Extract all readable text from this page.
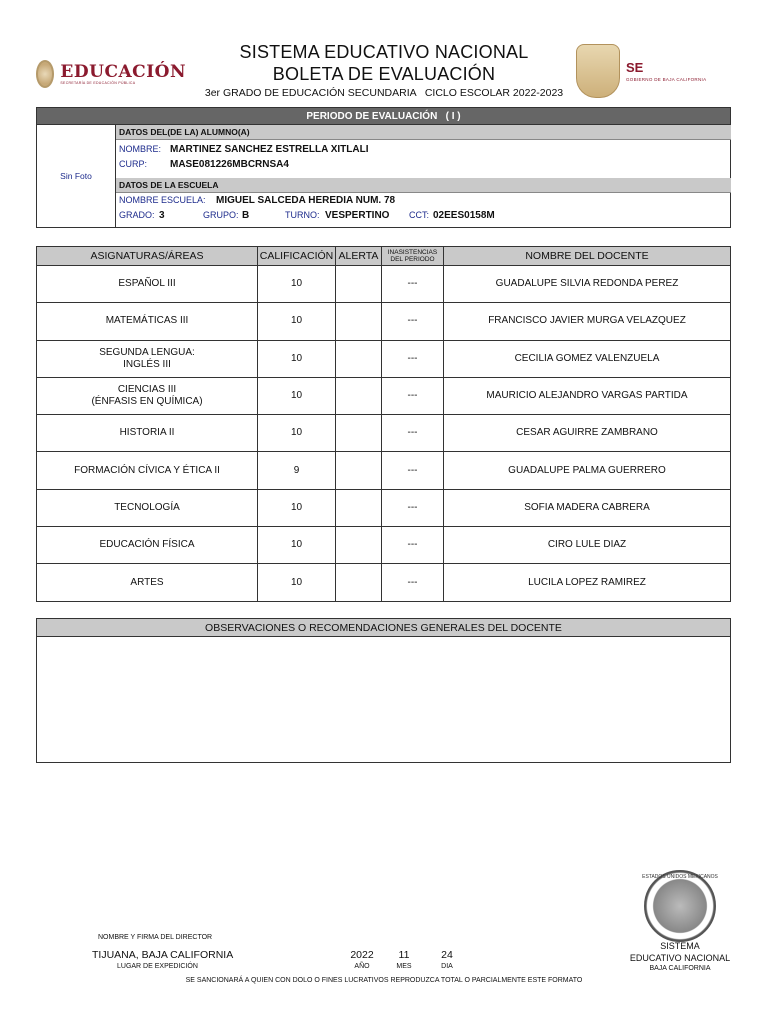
EDUCACIÓN
SECRETARÍA DE EDUCACIÓN PÚBLICA
SISTEMA EDUCATIVO NACIONAL
BOLETA DE EVALUACIÓN
3er GRADO DE EDUCACIÓN SECUNDARIA   CICLO ESCOLAR 2022-2023
SE
GOBIERNO DE BAJA CALIFORNIA
PERIODO DE EVALUACIÓN   ( I )
Sin Foto
DATOS DEL(DE LA) ALUMNO(A)
NOMBRE: MARTINEZ SANCHEZ ESTRELLA XITLALI
CURP:	MASE081226MBCRNSA4
DATOS DE LA ESCUELA
NOMBRE ESCUELA:	MIGUEL SALCEDA HEREDIA NUM. 78
GRADO: 3	GRUPO: B	TURNO: VESPERTINO	CCT: 02EES0158M
ASIGNATURAS/ÁREAS	CALIFICACIÓN	ALERTA	INASISTENCIAS DEL PERIODO	NOMBRE DEL DOCENTE
ESPAÑOL III	10		---	GUADALUPE SILVIA REDONDA PEREZ
MATEMÁTICAS III	10		---	FRANCISCO JAVIER MURGA VELAZQUEZ
SEGUNDA LENGUA:
INGLÉS III	10		---	CECILIA GOMEZ VALENZUELA
CIENCIAS III
(ÉNFASIS EN QUÍMICA)	10		---	MAURICIO ALEJANDRO VARGAS PARTIDA
HISTORIA II	10		---	CESAR AGUIRRE ZAMBRANO
FORMACIÓN CÍVICA Y ÉTICA II	9		---	GUADALUPE PALMA GUERRERO
TECNOLOGÍA	10		---	SOFIA MADERA CABRERA
EDUCACIÓN FÍSICA	10		---	CIRO LULE DIAZ
ARTES	10		---	LUCILA LOPEZ RAMIREZ
OBSERVACIONES O RECOMENDACIONES GENERALES DEL DOCENTE
NOMBRE Y FIRMA DEL DIRECTOR
TIJUANA, BAJA CALIFORNIA
LUGAR DE EXPEDICIÓN
2022
AÑO
11
MES
24
DIA
ESTADOS UNIDOS MEXICANOS
SISTEMA
EDUCATIVO NACIONAL
BAJA CALIFORNIA
SE SANCIONARÁ A QUIEN CON DOLO O FINES LUCRATIVOS REPRODUZCA TOTAL O PARCIALMENTE ESTE FORMATO
